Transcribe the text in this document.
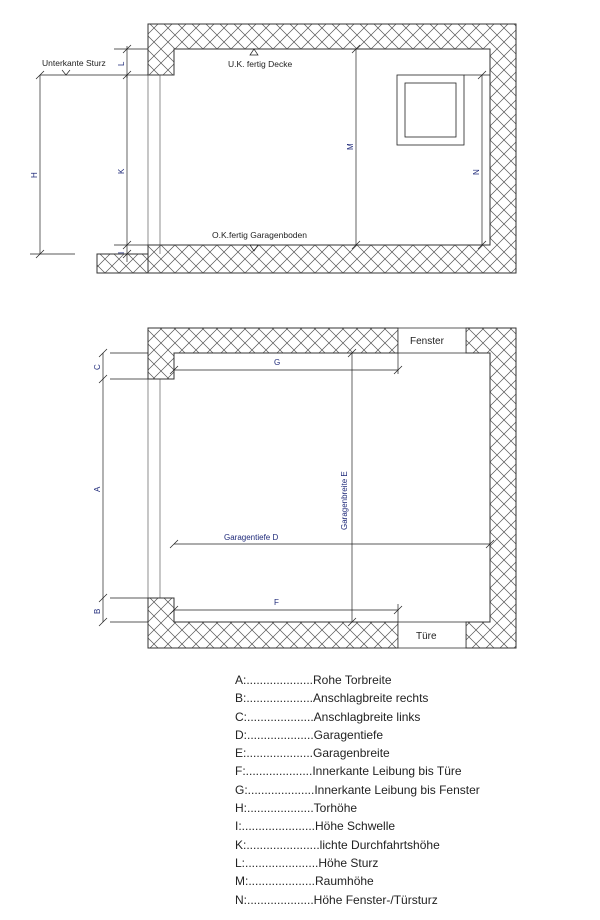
Unterkante Sturz	U.K. fertig Decke
O.K.fertig Garagenboden
L
H
K
I
M
N
Fenster
Türe
C
A
B
G
F
Garagentiefe D
Garagenbreite E
A:....................Rohe Torbreite
B:....................Anschlagbreite rechts
C:....................Anschlagbreite links
D:....................Garagentiefe
E:....................Garagenbreite
F:....................Innerkante Leibung bis Türe
G:....................Innerkante Leibung bis Fenster
H:....................Torhöhe
I:......................Höhe Schwelle
K:......................lichte Durchfahrtshöhe
L:......................Höhe Sturz
M:....................Raumhöhe
N:....................Höhe Fenster-/Türsturz
